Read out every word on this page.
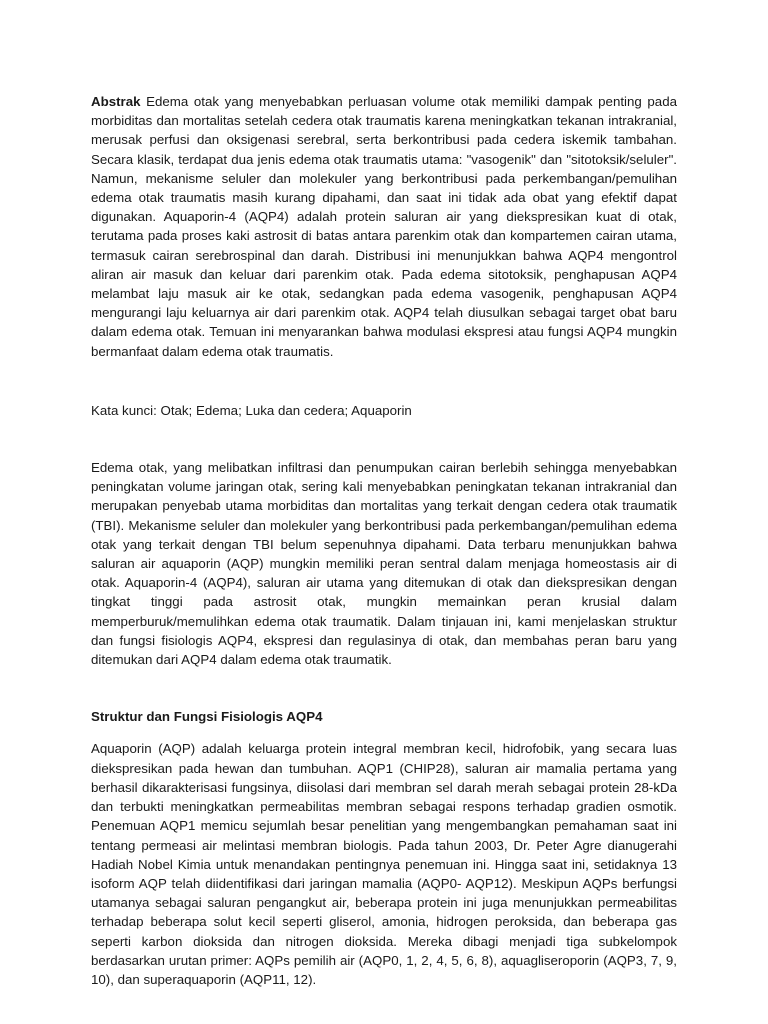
Abstrak Edema otak yang menyebabkan perluasan volume otak memiliki dampak penting pada morbiditas dan mortalitas setelah cedera otak traumatis karena meningkatkan tekanan intrakranial, merusak perfusi dan oksigenasi serebral, serta berkontribusi pada cedera iskemik tambahan. Secara klasik, terdapat dua jenis edema otak traumatis utama: "vasogenik" dan "sitotoksik/seluler". Namun, mekanisme seluler dan molekuler yang berkontribusi pada perkembangan/pemulihan edema otak traumatis masih kurang dipahami, dan saat ini tidak ada obat yang efektif dapat digunakan. Aquaporin-4 (AQP4) adalah protein saluran air yang diekspresikan kuat di otak, terutama pada proses kaki astrosit di batas antara parenkim otak dan kompartemen cairan utama, termasuk cairan serebrospinal dan darah. Distribusi ini menunjukkan bahwa AQP4 mengontrol aliran air masuk dan keluar dari parenkim otak. Pada edema sitotoksik, penghapusan AQP4 melambat laju masuk air ke otak, sedangkan pada edema vasogenik, penghapusan AQP4 mengurangi laju keluarnya air dari parenkim otak. AQP4 telah diusulkan sebagai target obat baru dalam edema otak. Temuan ini menyarankan bahwa modulasi ekspresi atau fungsi AQP4 mungkin bermanfaat dalam edema otak traumatis.

Kata kunci: Otak; Edema; Luka dan cedera; Aquaporin

Edema otak, yang melibatkan infiltrasi dan penumpukan cairan berlebih sehingga menyebabkan peningkatan volume jaringan otak, sering kali menyebabkan peningkatan tekanan intrakranial dan merupakan penyebab utama morbiditas dan mortalitas yang terkait dengan cedera otak traumatik (TBI). Mekanisme seluler dan molekuler yang berkontribusi pada perkembangan/pemulihan edema otak yang terkait dengan TBI belum sepenuhnya dipahami. Data terbaru menunjukkan bahwa saluran air aquaporin (AQP) mungkin memiliki peran sentral dalam menjaga homeostasis air di otak. Aquaporin-4 (AQP4), saluran air utama yang ditemukan di otak dan diekspresikan dengan tingkat tinggi pada astrosit otak, mungkin memainkan peran krusial dalam memperburuk/memulihkan edema otak traumatik. Dalam tinjauan ini, kami menjelaskan struktur dan fungsi fisiologis AQP4, ekspresi dan regulasinya di otak, dan membahas peran baru yang ditemukan dari AQP4 dalam edema otak traumatik.

Struktur dan Fungsi Fisiologis AQP4

Aquaporin (AQP) adalah keluarga protein integral membran kecil, hidrofobik, yang secara luas diekspresikan pada hewan dan tumbuhan. AQP1 (CHIP28), saluran air mamalia pertama yang berhasil dikarakterisasi fungsinya, diisolasi dari membran sel darah merah sebagai protein 28-kDa dan terbukti meningkatkan permeabilitas membran sebagai respons terhadap gradien osmotik. Penemuan AQP1 memicu sejumlah besar penelitian yang mengembangkan pemahaman saat ini tentang permeasi air melintasi membran biologis. Pada tahun 2003, Dr. Peter Agre dianugerahi Hadiah Nobel Kimia untuk menandakan pentingnya penemuan ini. Hingga saat ini, setidaknya 13 isoform AQP telah diidentifikasi dari jaringan mamalia (AQP0- AQP12). Meskipun AQPs berfungsi utamanya sebagai saluran pengangkut air, beberapa protein ini juga menunjukkan permeabilitas terhadap beberapa solut kecil seperti gliserol, amonia, hidrogen peroksida, dan beberapa gas seperti karbon dioksida dan nitrogen dioksida. Mereka dibagi menjadi tiga subkelompok berdasarkan urutan primer: AQPs pemilih air (AQP0, 1, 2, 4, 5, 6, 8), aquagliseroporin (AQP3, 7, 9, 10), dan superaquaporin (AQP11, 12).
